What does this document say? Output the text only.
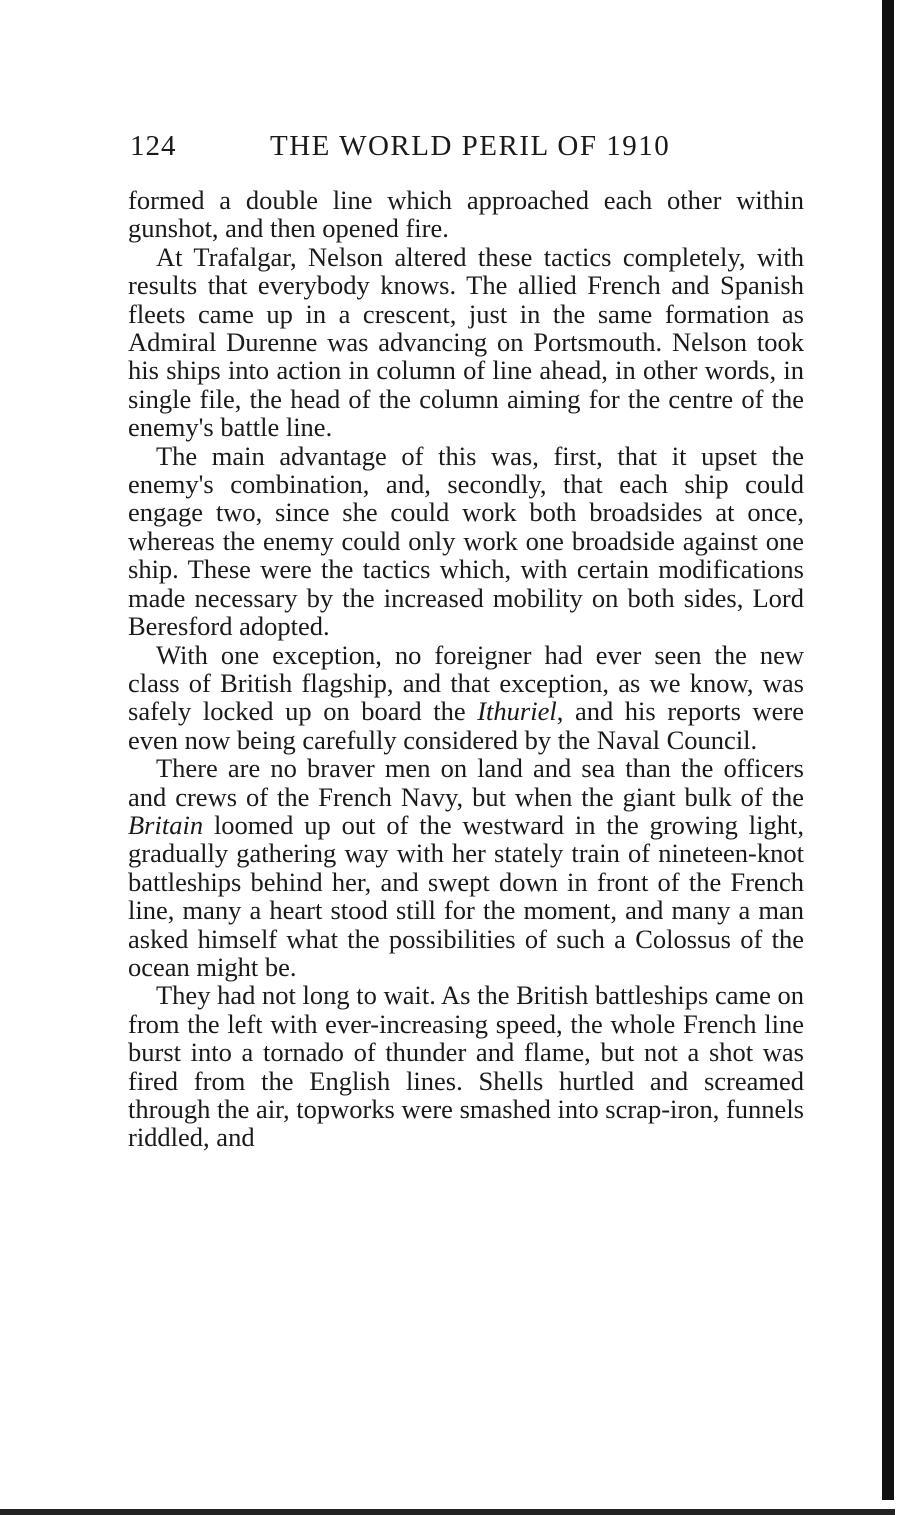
124	THE WORLD PERIL OF 1910

formed a double line which approached each other within gunshot, and then opened fire.

At Trafalgar, Nelson altered these tactics completely, with results that everybody knows. The allied French and Spanish fleets came up in a crescent, just in the same formation as Admiral Durenne was advancing on Portsmouth. Nelson took his ships into action in column of line ahead, in other words, in single file, the head of the column aiming for the centre of the enemy's battle line.

The main advantage of this was, first, that it upset the enemy's combination, and, secondly, that each ship could engage two, since she could work both broadsides at once, whereas the enemy could only work one broadside against one ship. These were the tactics which, with certain modifications made necessary by the increased mobility on both sides, Lord Beresford adopted.

With one exception, no foreigner had ever seen the new class of British flagship, and that exception, as we know, was safely locked up on board the Ithuriel, and his reports were even now being carefully considered by the Naval Council.

There are no braver men on land and sea than the officers and crews of the French Navy, but when the giant bulk of the Britain loomed up out of the westward in the growing light, gradually gathering way with her stately train of nineteen-knot battleships behind her, and swept down in front of the French line, many a heart stood still for the moment, and many a man asked himself what the possibilities of such a Colossus of the ocean might be.

They had not long to wait. As the British battleships came on from the left with ever-increasing speed, the whole French line burst into a tornado of thunder and flame, but not a shot was fired from the English lines. Shells hurtled and screamed through the air, topworks were smashed into scrap-iron, funnels riddled, and
